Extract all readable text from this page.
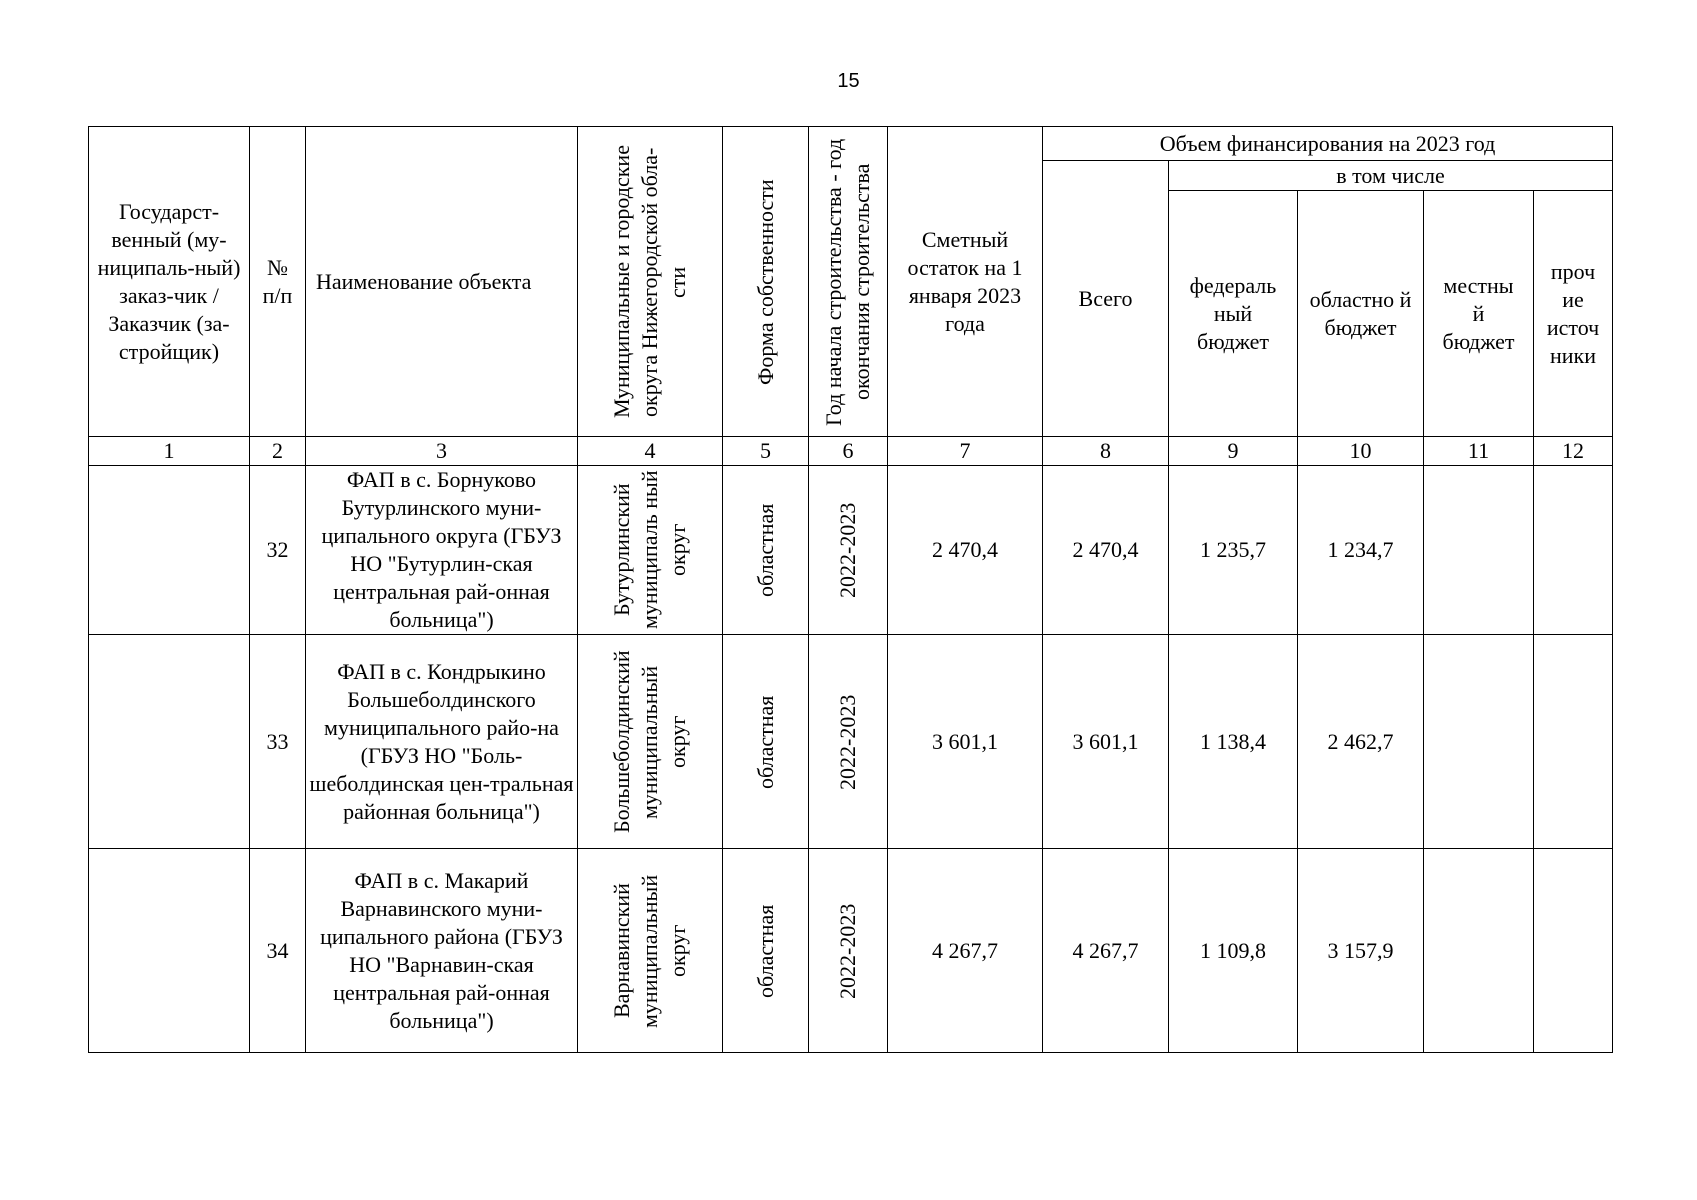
15
Государст-венный (му-ниципаль-ный) заказ-чик / Заказчик (за-стройщик)	№ п/п	Наименование объекта	Муниципальные и городские округа Нижегородской обла-сти	Форма собственности	Год начала строительства - год окончания строительства	Сметный остаток на 1 января 2023 года	Объем финансирования на 2023 год				
							Всего	в том числе			

								федераль ный бюджет	областно й бюджет	местны й бюджет	проч ие источ ники

1	2	3	4	5	6	7	8	9	10	11	12
	32	ФАП в с. Борнуково Бутурлинского муни-ципального округа (ГБУЗ НО "Бутурлин-ская центральная рай-онная больница")	Бутурлинский муниципаль ный округ	областная	2022-2023	2 470,4	2 470,4	1 235,7	1 234,7		
	33	ФАП в с. Кондрыкино Большеболдинского муниципального райо-на (ГБУЗ НО "Боль-шеболдинская цен-тральная районная больница")	Большеболдинский муниципальный округ	областная	2022-2023	3 601,1	3 601,1	1 138,4	2 462,7		
	34	ФАП в с. Макарий Варнавинского муни-ципального района (ГБУЗ НО "Варнавин-ская центральная рай-онная больница")	Варнавинский муниципальный округ	областная	2022-2023	4 267,7	4 267,7	1 109,8	3 157,9		
